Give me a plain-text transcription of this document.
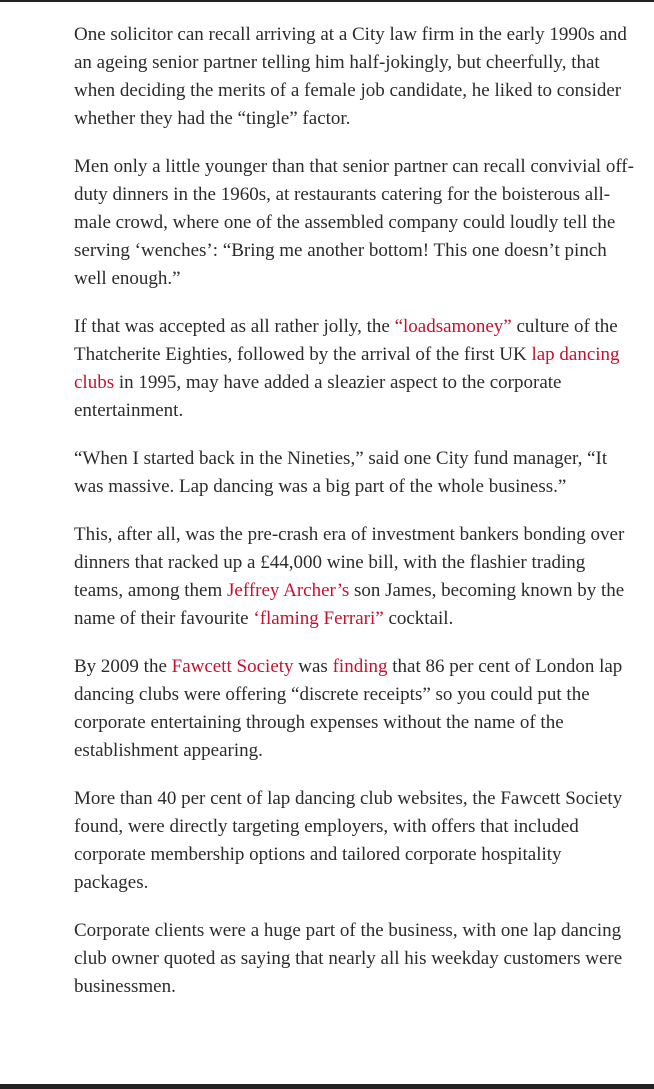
One solicitor can recall arriving at a City law firm in the early 1990s and an ageing senior partner telling him half-jokingly, but cheerfully, that when deciding the merits of a female job candidate, he liked to consider whether they had the “tingle” factor.

Men only a little younger than that senior partner can recall convivial off-duty dinners in the 1960s, at restaurants catering for the boisterous all-male crowd, where one of the assembled company could loudly tell the serving ‘wenches’: “Bring me another bottom! This one doesn’t pinch well enough.”

If that was accepted as all rather jolly, the “loadsamoney” culture of the Thatcherite Eighties, followed by the arrival of the first UK lap dancing clubs in 1995, may have added a sleazier aspect to the corporate entertainment.

“When I started back in the Nineties,” said one City fund manager, “It was massive. Lap dancing was a big part of the whole business.”

This, after all, was the pre-crash era of investment bankers bonding over dinners that racked up a £44,000 wine bill, with the flashier trading teams, among them Jeffrey Archer’s son James, becoming known by the name of their favourite ‘flaming Ferrari” cocktail.

By 2009 the Fawcett Society was finding that 86 per cent of London lap dancing clubs were offering “discrete receipts” so you could put the corporate entertaining through expenses without the name of the establishment appearing.

More than 40 per cent of lap dancing club websites, the Fawcett Society found, were directly targeting employers, with offers that included corporate membership options and tailored corporate hospitality packages.

Corporate clients were a huge part of the business, with one lap dancing club owner quoted as saying that nearly all his weekday customers were businessmen.
